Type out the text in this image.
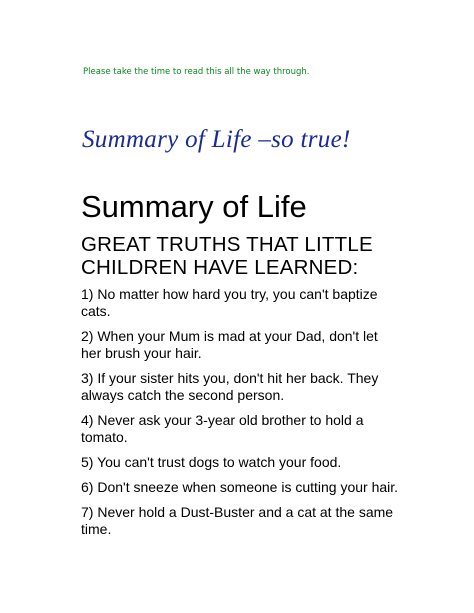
Please take the time to read this all the way through.
Summary of Life –so true!
Summary of Life
GREAT TRUTHS THAT LITTLE CHILDREN HAVE LEARNED:
1) No matter how hard you try, you can't baptize cats.
2) When your Mum is mad at your Dad, don't let her brush your hair.
3) If your sister hits you, don't hit her back. They always catch the second person.
4) Never ask your 3-year old brother to hold a tomato.
5) You can't trust dogs to watch your food.
6) Don't sneeze when someone is cutting your hair.
7) Never hold a Dust-Buster and a cat at the same time.
